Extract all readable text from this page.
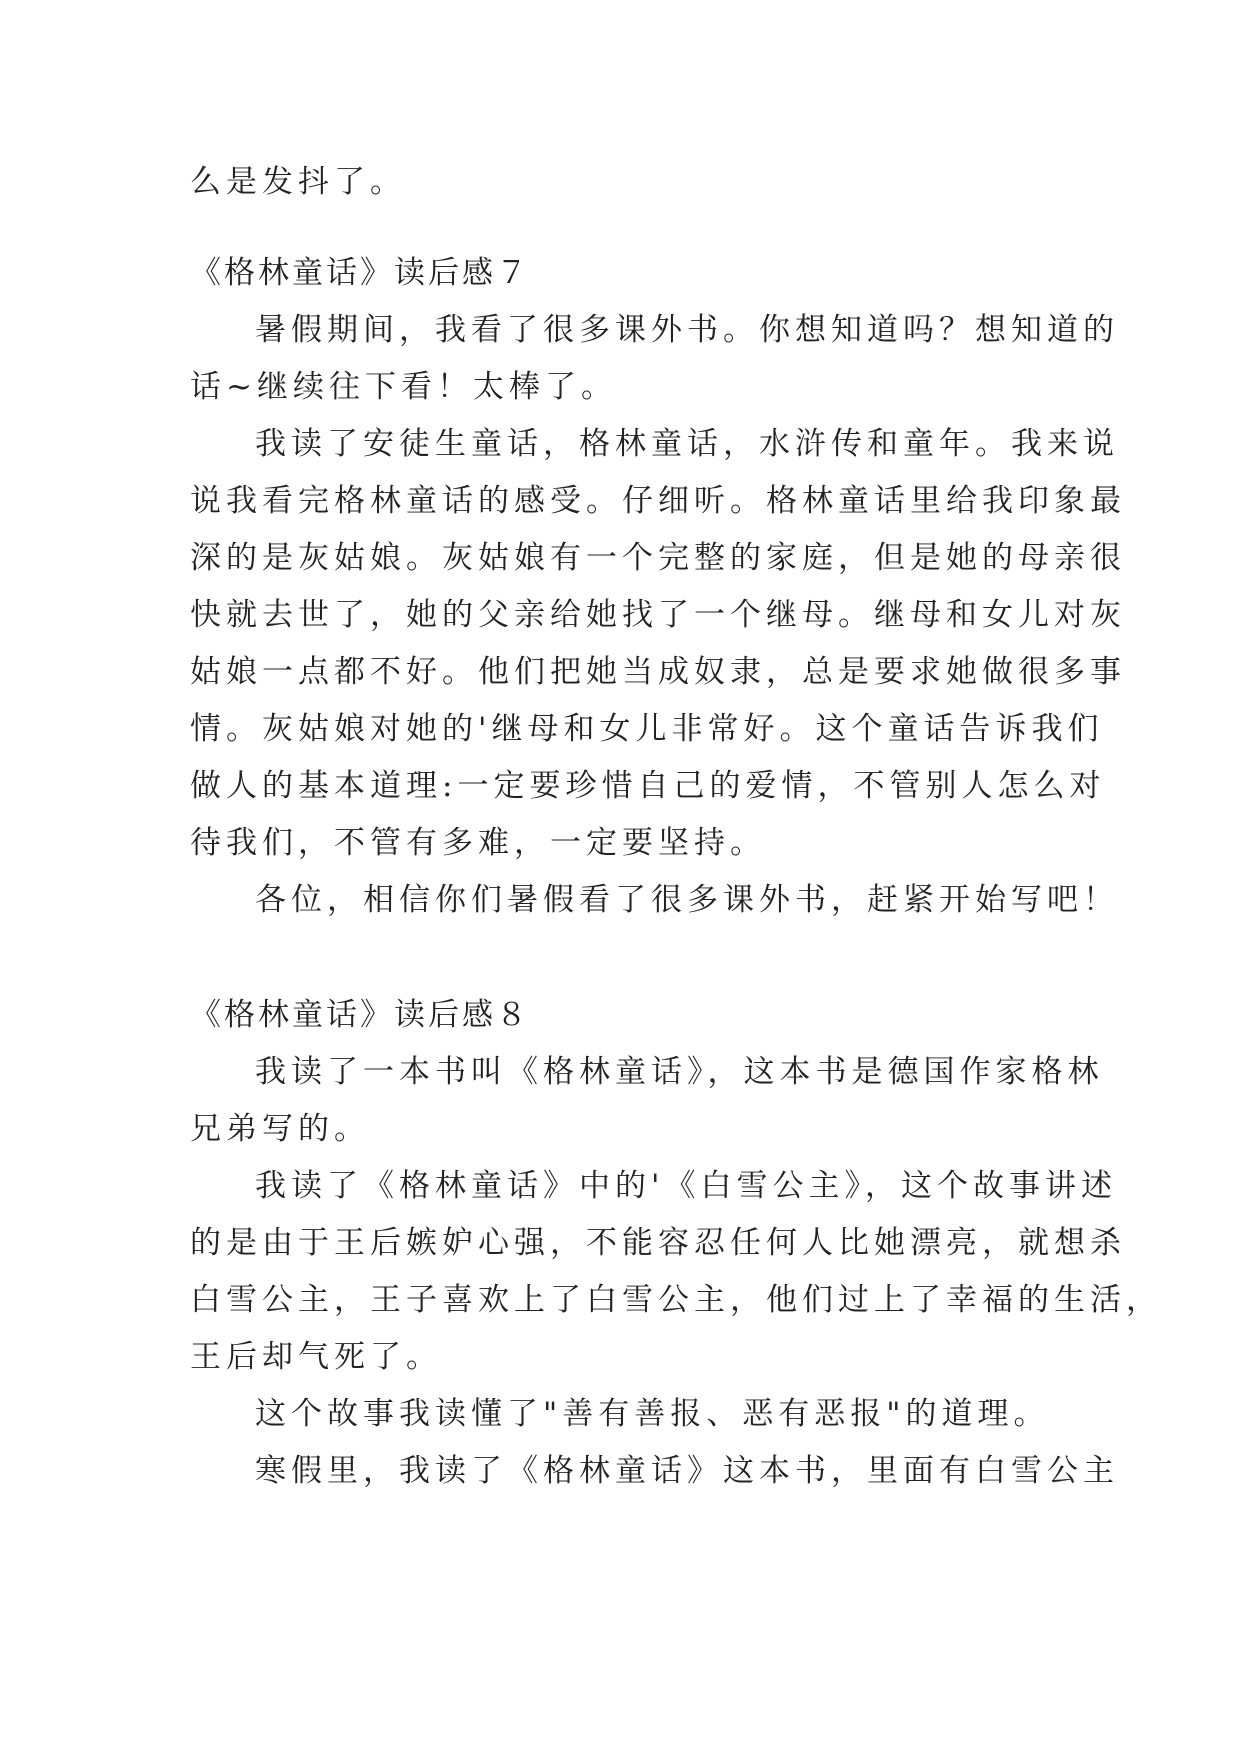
么是发抖了。
《格林童话》读后感７
暑假期间，我看了很多课外书。你想知道吗？想知道的
话~继续往下看！太棒了。
我读了安徒生童话，格林童话，水浒传和童年。我来说
说我看完格林童话的感受。仔细听。格林童话里给我印象最
深的是灰姑娘。灰姑娘有一个完整的家庭，但是她的母亲很
快就去世了，她的父亲给她找了一个继母。继母和女儿对灰
姑娘一点都不好。他们把她当成奴隶，总是要求她做很多事
情。灰姑娘对她的'继母和女儿非常好。这个童话告诉我们
做人的基本道理:一定要珍惜自己的爱情，不管别人怎么对
待我们，不管有多难，一定要坚持。
各位，相信你们暑假看了很多课外书，赶紧开始写吧！
《格林童话》读后感８
我读了一本书叫《格林童话》，这本书是德国作家格林
兄弟写的。
我读了《格林童话》中的'《白雪公主》，这个故事讲述
的是由于王后嫉妒心强，不能容忍任何人比她漂亮，就想杀
白雪公主，王子喜欢上了白雪公主，他们过上了幸福的生活，
王后却气死了。
这个故事我读懂了"善有善报、恶有恶报"的道理。
寒假里，我读了《格林童话》这本书，里面有白雪公主
